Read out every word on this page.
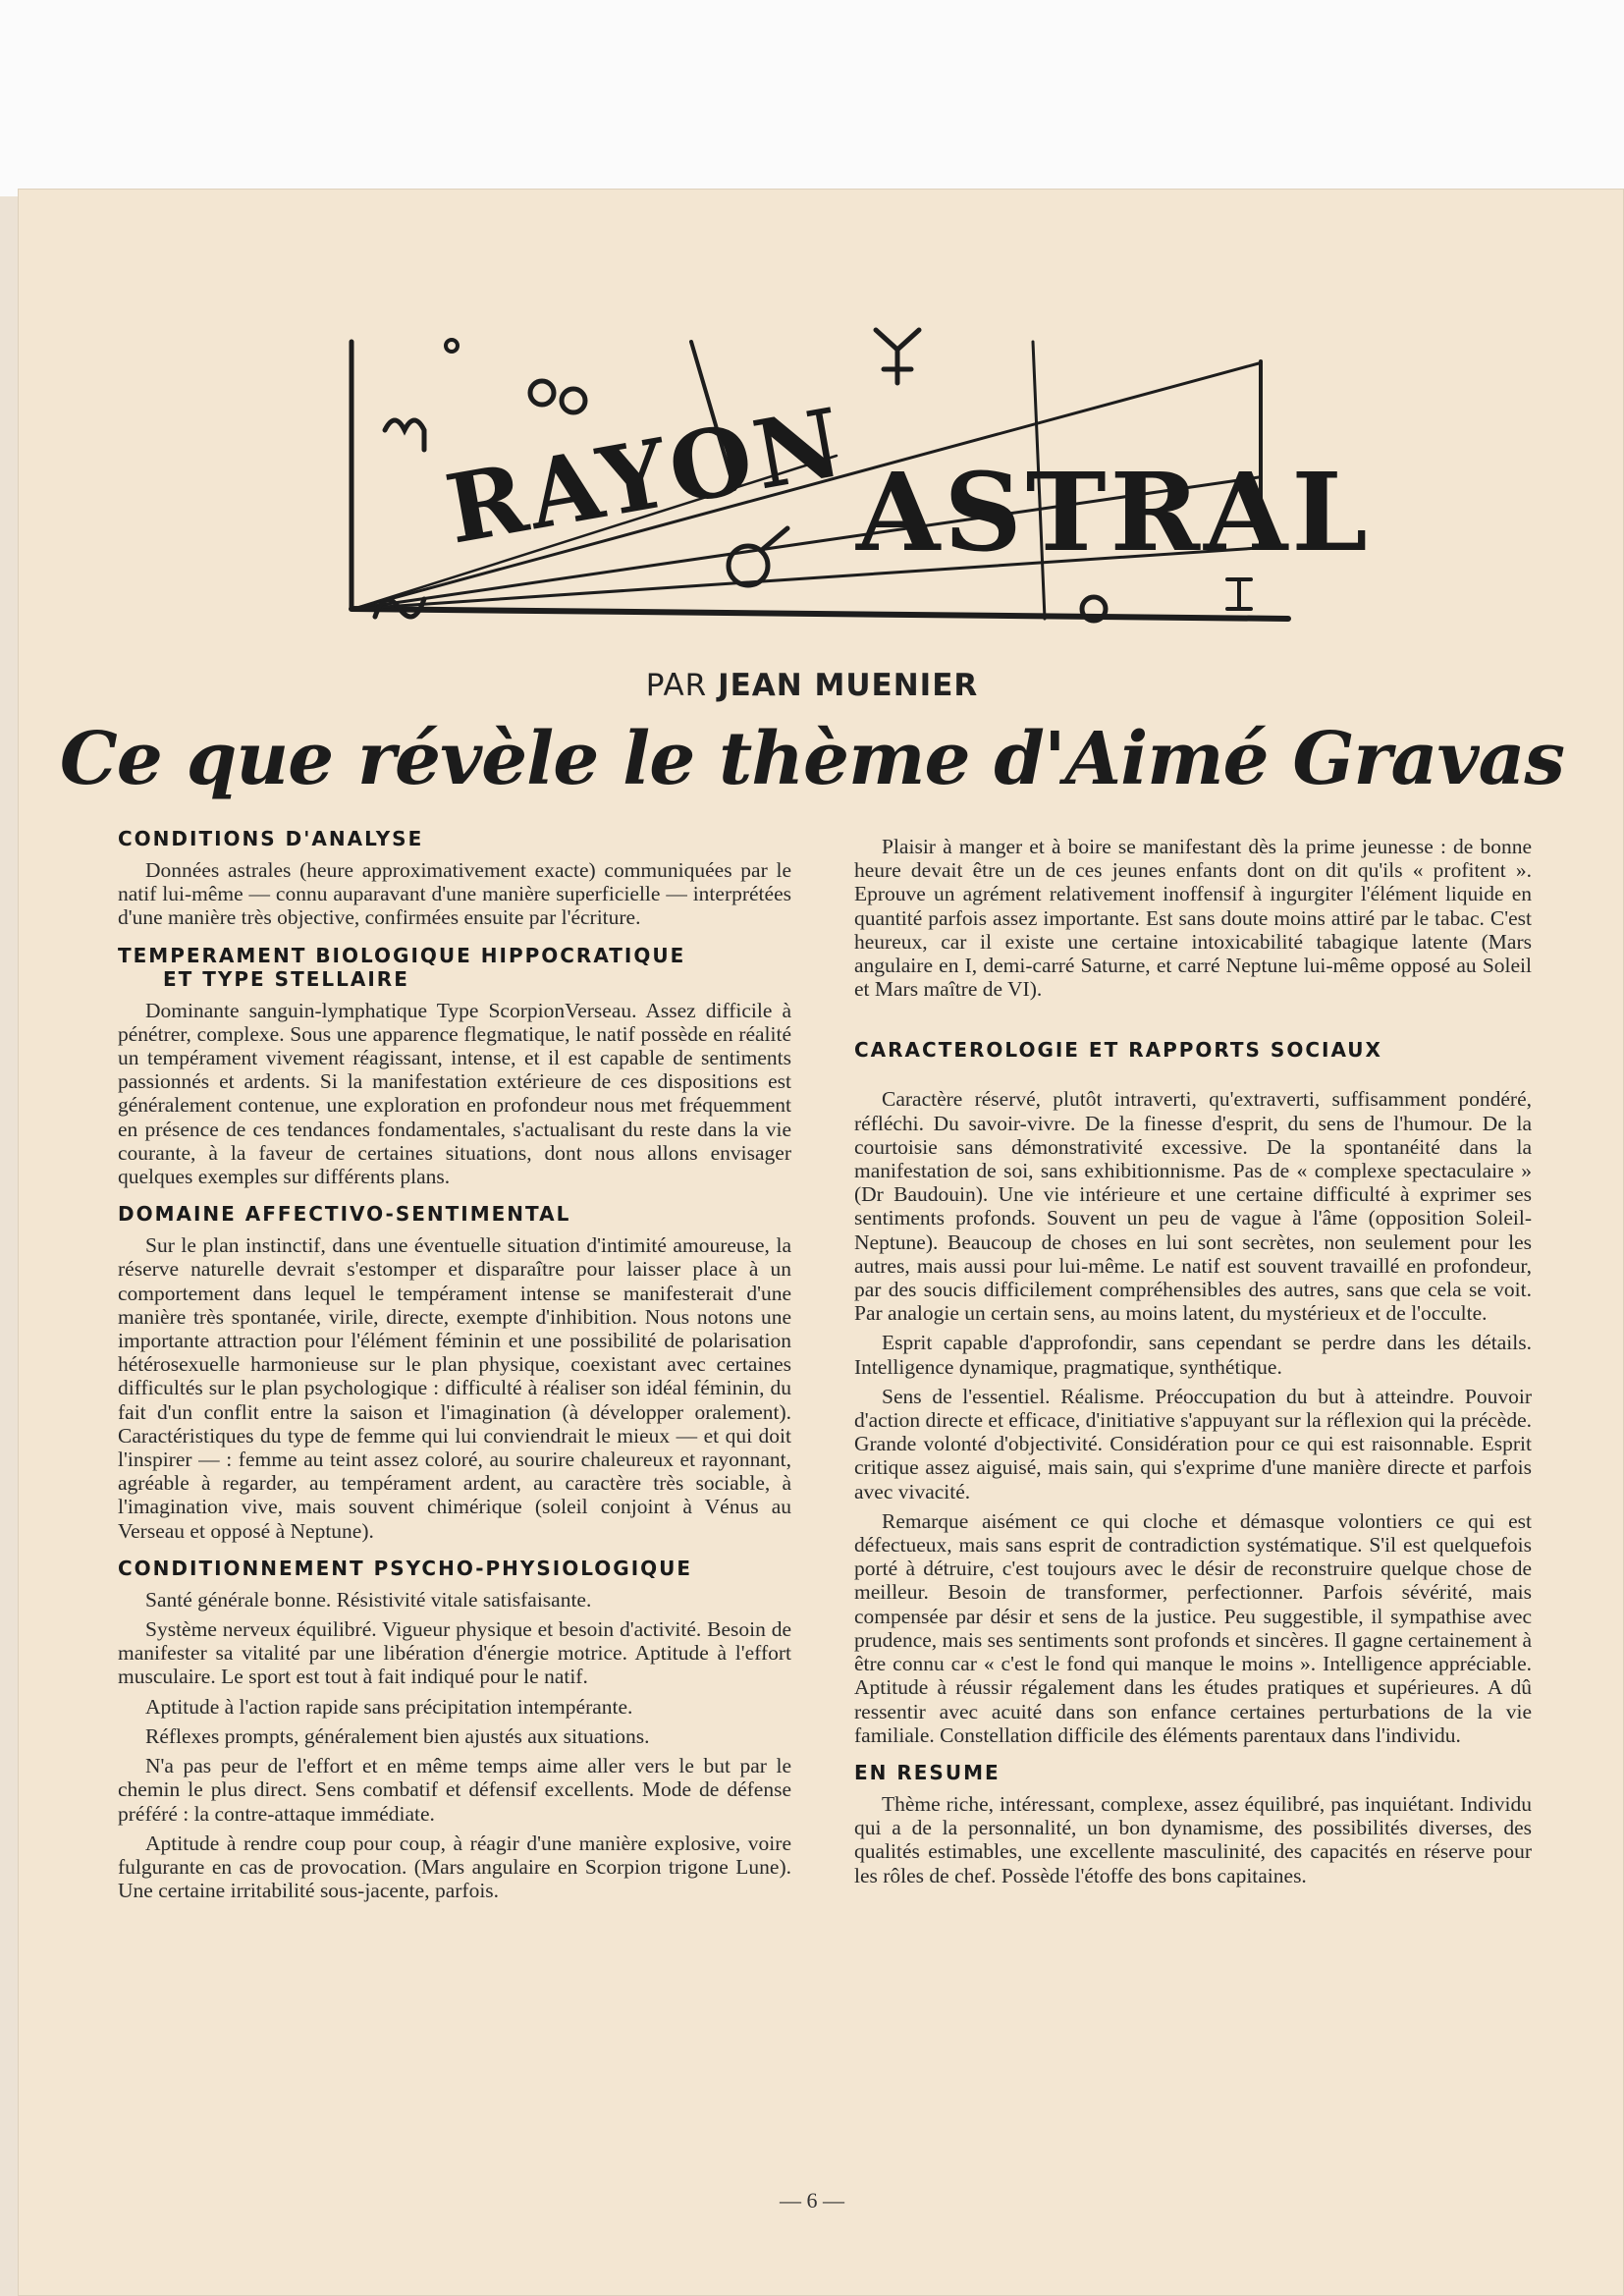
RAYON ASTRAL
PAR JEAN MUENIER
Ce que révèle le thème d'Aimé Gravas
CONDITIONS D'ANALYSE

Données astrales (heure approximativement exacte) communiquées par le natif lui-même — connu auparavant d'une manière superficielle — interprétées d'une manière très objective, confirmées ensuite par l'écriture.

TEMPERAMENT BIOLOGIQUE HIPPOCRATIQUE
ET TYPE STELLAIRE

Dominante sanguin-lymphatique Type ScorpionVerseau. Assez difficile à pénétrer, complexe. Sous une apparence flegmatique, le natif possède en réalité un tempérament vivement réagissant, intense, et il est capable de sentiments passionnés et ardents. Si la manifestation extérieure de ces dispositions est généralement contenue, une exploration en profondeur nous met fréquemment en présence de ces tendances fondamentales, s'actualisant du reste dans la vie courante, à la faveur de certaines situations, dont nous allons envisager quelques exemples sur différents plans.

DOMAINE AFFECTIVO-SENTIMENTAL

Sur le plan instinctif, dans une éventuelle situation d'intimité amoureuse, la réserve naturelle devrait s'estomper et disparaître pour laisser place à un comportement dans lequel le tempérament intense se manifesterait d'une manière très spontanée, virile, directe, exempte d'inhibition. Nous notons une importante attraction pour l'élément féminin et une possibilité de polarisation hétérosexuelle harmonieuse sur le plan physique, coexistant avec certaines difficultés sur le plan psychologique : difficulté à réaliser son idéal féminin, du fait d'un conflit entre la saison et l'imagination (à développer oralement). Caractéristiques du type de femme qui lui conviendrait le mieux — et qui doit l'inspirer — : femme au teint assez coloré, au sourire chaleureux et rayonnant, agréable à regarder, au tempérament ardent, au caractère très sociable, à l'imagination vive, mais souvent chimérique (soleil conjoint à Vénus au Verseau et opposé à Neptune).

CONDITIONNEMENT PSYCHO-PHYSIOLOGIQUE

Santé générale bonne. Résistivité vitale satisfaisante.

Système nerveux équilibré. Vigueur physique et besoin d'activité. Besoin de manifester sa vitalité par une libération d'énergie motrice. Aptitude à l'effort musculaire. Le sport est tout à fait indiqué pour le natif.

Aptitude à l'action rapide sans précipitation intempérante.

Réflexes prompts, généralement bien ajustés aux situations.

N'a pas peur de l'effort et en même temps aime aller vers le but par le chemin le plus direct. Sens combatif et défensif excellents. Mode de défense préféré : la contre-attaque immédiate.

Aptitude à rendre coup pour coup, à réagir d'une manière explosive, voire fulgurante en cas de provocation. (Mars angulaire en Scorpion trigone Lune). Une certaine irritabilité sous-jacente, parfois.

Plaisir à manger et à boire se manifestant dès la prime jeunesse : de bonne heure devait être un de ces jeunes enfants dont on dit qu'ils « profitent ». Eprouve un agrément relativement inoffensif à ingurgiter l'élément liquide en quantité parfois assez importante. Est sans doute moins attiré par le tabac. C'est heureux, car il existe une certaine intoxicabilité tabagique latente (Mars angulaire en I, demi-carré Saturne, et carré Neptune lui-même opposé au Soleil et Mars maître de VI).

CARACTEROLOGIE ET RAPPORTS SOCIAUX

Caractère réservé, plutôt intraverti, qu'extraverti, suffisamment pondéré, réfléchi. Du savoir-vivre. De la finesse d'esprit, du sens de l'humour. De la courtoisie sans démonstrativité excessive. De la spontanéité dans la manifestation de soi, sans exhibitionnisme. Pas de « complexe spectaculaire » (Dr Baudouin). Une vie intérieure et une certaine difficulté à exprimer ses sentiments profonds. Souvent un peu de vague à l'âme (opposition Soleil-Neptune). Beaucoup de choses en lui sont secrètes, non seulement pour les autres, mais aussi pour lui-même. Le natif est souvent travaillé en profondeur, par des soucis difficilement compréhensibles des autres, sans que cela se voit. Par analogie un certain sens, au moins latent, du mystérieux et de l'occulte.

Esprit capable d'approfondir, sans cependant se perdre dans les détails. Intelligence dynamique, pragmatique, synthétique.

Sens de l'essentiel. Réalisme. Préoccupation du but à atteindre. Pouvoir d'action directe et efficace, d'initiative s'appuyant sur la réflexion qui la précède. Grande volonté d'objectivité. Considération pour ce qui est raisonnable. Esprit critique assez aiguisé, mais sain, qui s'exprime d'une manière directe et parfois avec vivacité.

Remarque aisément ce qui cloche et démasque volontiers ce qui est défectueux, mais sans esprit de contradiction systématique. S'il est quelquefois porté à détruire, c'est toujours avec le désir de reconstruire quelque chose de meilleur. Besoin de transformer, perfectionner. Parfois sévérité, mais compensée par désir et sens de la justice. Peu suggestible, il sympathise avec prudence, mais ses sentiments sont profonds et sincères. Il gagne certainement à être connu car « c'est le fond qui manque le moins ». Intelligence appréciable. Aptitude à réussir régalement dans les études pratiques et supérieures. A dû ressentir avec acuité dans son enfance certaines perturbations de la vie familiale. Constellation difficile des éléments parentaux dans l'individu.

EN RESUME

Thème riche, intéressant, complexe, assez équilibré, pas inquiétant. Individu qui a de la personnalité, un bon dynamisme, des possibilités diverses, des qualités estimables, une excellente masculinité, des capacités en réserve pour les rôles de chef. Possède l'étoffe des bons capitaines.

— 6 —
